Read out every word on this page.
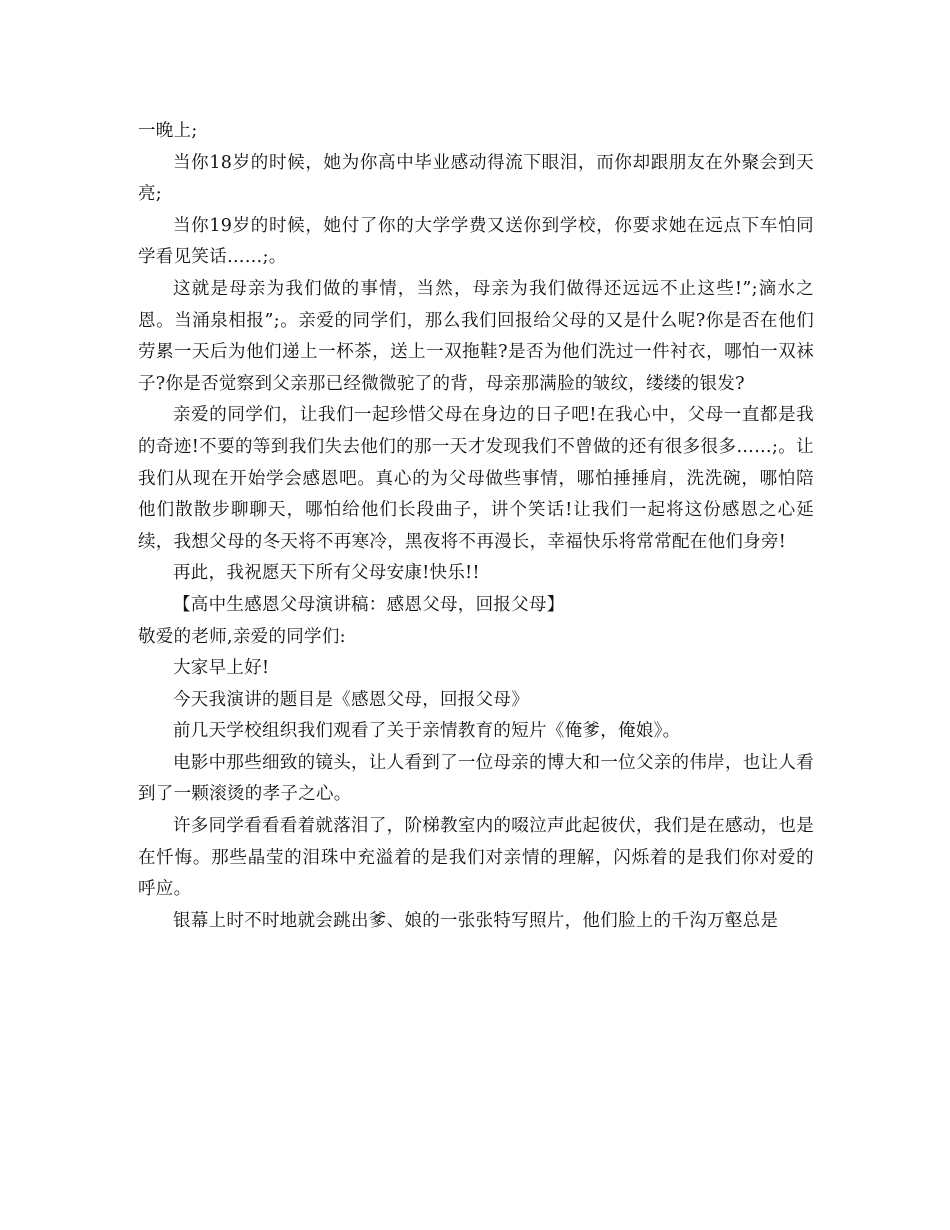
一晚上;

当你18岁的时候，她为你高中毕业感动得流下眼泪，而你却跟朋友在外聚会到天亮;

当你19岁的时候，她付了你的大学学费又送你到学校，你要求她在远点下车怕同学看见笑话……;。

这就是母亲为我们做的事情，当然，母亲为我们做得还远远不止这些!”;滴水之恩。当涌泉相报”;。亲爱的同学们，那么我们回报给父母的又是什么呢?你是否在他们劳累一天后为他们递上一杯茶，送上一双拖鞋?是否为他们洗过一件衬衣，哪怕一双袜子?你是否觉察到父亲那已经微微驼了的背，母亲那满脸的皱纹，缕缕的银发?

亲爱的同学们，让我们一起珍惜父母在身边的日子吧!在我心中，父母一直都是我的奇迹!不要的等到我们失去他们的那一天才发现我们不曾做的还有很多很多……;。让我们从现在开始学会感恩吧。真心的为父母做些事情，哪怕捶捶肩，洗洗碗，哪怕陪他们散散步聊聊天，哪怕给他们长段曲子，讲个笑话!让我们一起将这份感恩之心延续，我想父母的冬天将不再寒冷，黑夜将不再漫长，幸福快乐将常常配在他们身旁!

再此，我祝愿天下所有父母安康!快乐!!

【高中生感恩父母演讲稿：感恩父母，回报父母】

敬爱的老师,亲爱的同学们:

大家早上好!

今天我演讲的题目是《感恩父母，回报父母》

前几天学校组织我们观看了关于亲情教育的短片《俺爹，俺娘》。

电影中那些细致的镜头，让人看到了一位母亲的博大和一位父亲的伟岸，也让人看到了一颗滚烫的孝子之心。

许多同学看看看着就落泪了，阶梯教室内的啜泣声此起彼伏，我们是在感动，也是在忏悔。那些晶莹的泪珠中充溢着的是我们对亲情的理解，闪烁着的是我们你对爱的呼应。

银幕上时不时地就会跳出爹、娘的一张张特写照片，他们脸上的千沟万壑总是
